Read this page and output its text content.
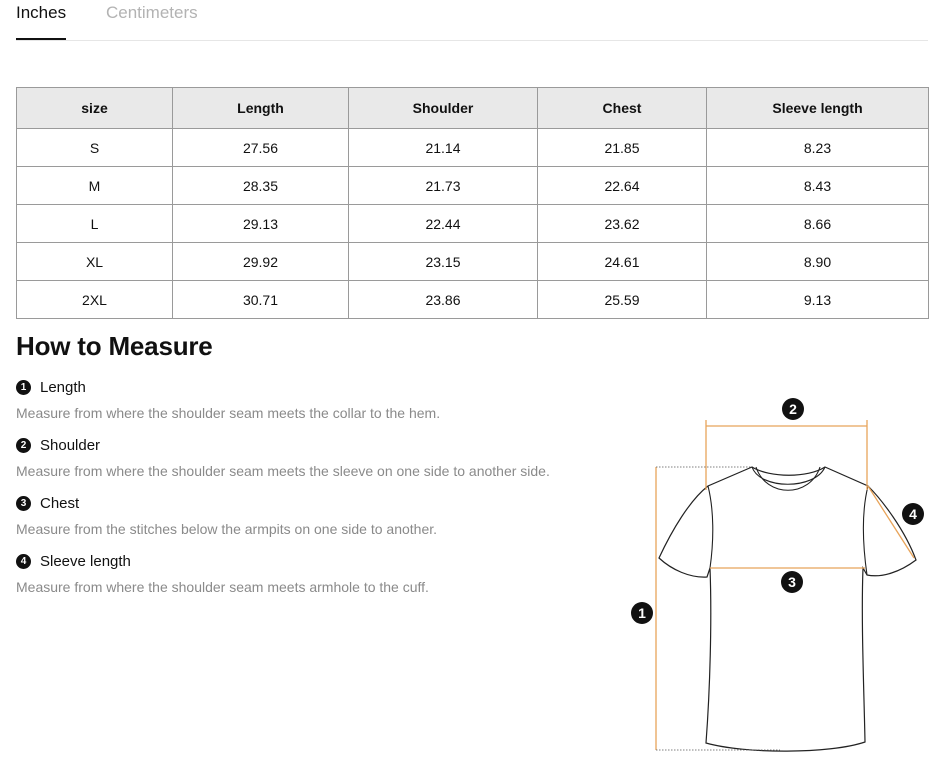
Inches Centimeters
size	Length	Shoulder	Chest	Sleeve length
S	27.56	21.14	21.85	8.23
M	28.35	21.73	22.64	8.43
L	29.13	22.44	23.62	8.66
XL	29.92	23.15	24.61	8.90
2XL	30.71	23.86	25.59	9.13
How to Measure
1 Length
Measure from where the shoulder seam meets the collar to the hem.
2 Shoulder
Measure from where the shoulder seam meets the sleeve on one side to another side.
3 Chest
Measure from the stitches below the armpits on one side to another.
4 Sleeve length
Measure from where the shoulder seam meets armhole to the cuff.
1
2
3
4
